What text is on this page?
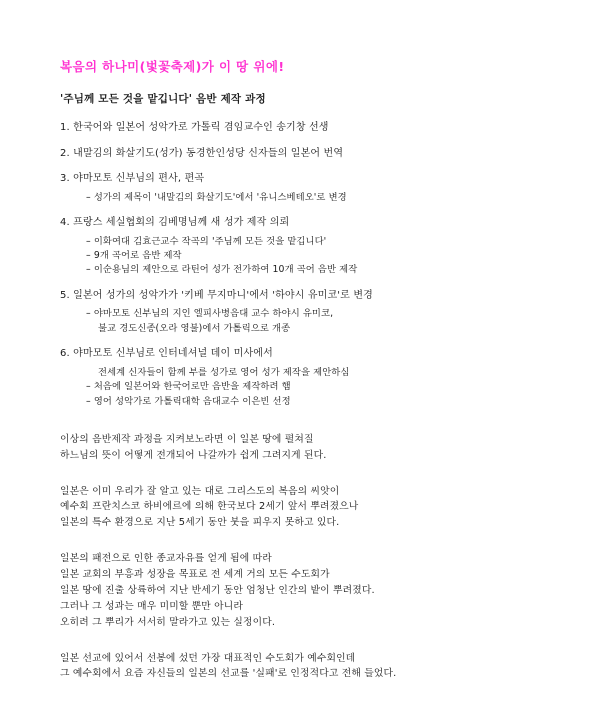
복음의 하나미(벛꽃축제)가 이 땅 위에!
'주님께 모든 것을 맡깁니다' 음반 제작 과정
1. 한국어와 일본어 성악가로 가톨릭 겸임교수인 송기창 선생
2. 내말김의 화살기도(성가) 동경한인성당 신자들의 일본어 번역
3. 야마모토 신부님의 편사, 편곡
– 성가의 제목이 '내말김의 화살기도'에서 '유니스베테오'로 변경
4. 프랑스 세실협회의 김베명님께 새 성가 제작 의뢰
– 이화여대 김효근교수 작곡의 '주님께 모든 것을 맡깁니다'
– 9개 곡어로 음반 제작
– 이순용님의 제안으로 라틴어 성가 전가하여 10개 곡어 음반 제작
5. 일본어 성가의 성악가가 '키베 무지마니'에서 '하야시 유미코'로 변경
– 야마모토 신부님의 지인 엘피사병음대 교수 하야시 유미코,
불교 경도신종(오라 영불)에서 가톨릭으로 개종
6. 야마모토 신부님로 인터네셔널 데이 미사에서
전세계 신자들이 함께 부를 성가로 영어 성가 제작을 제안하심
– 처음에 일본어와 한국어로만 음반을 제작하려 햄
– 영어 성악가로 가톨릭대학 음대교수 이은빈 선정
이상의 음반제작 과정을 지켜보노라면 이 일본 땅에 펼쳐질
하느님의 뜻이 어떻게 전개되어 나갈까가 쉽게 그려지게 된다.
일본은 이미 우리가 잘 알고 있는 대로 그리스도의 복음의 씨앗이
예수회 프란치스코 하비에르에 의해 한국보다 2세기 앞서 뿌려졌으나
일본의 특수 환경으로 지난 5세기 동안 붓을 피우지 못하고 있다.
일본의 패전으로 인한 종교자유를 얻게 됨에 따라
일본 교회의 부흥과 성장을 목표로 전 세계 거의 모든 수도회가
일본 땅에 진출 상륙하여 지난 반세기 동안 엄청난 인간의 밭이 뿌려졌다.
그러나 그 성과는 매우 미미할 뿐만 아니라
오히려 그 뿌리가 서서히 말라가고 있는 실정이다.
일본 선교에 있어서 선봉에 섰던 가장 대표적인 수도회가 예수회인데
그 예수회에서 요즘 자신들의 일본의 선교를 '실패'로 인정적다고 전해 들었다.
